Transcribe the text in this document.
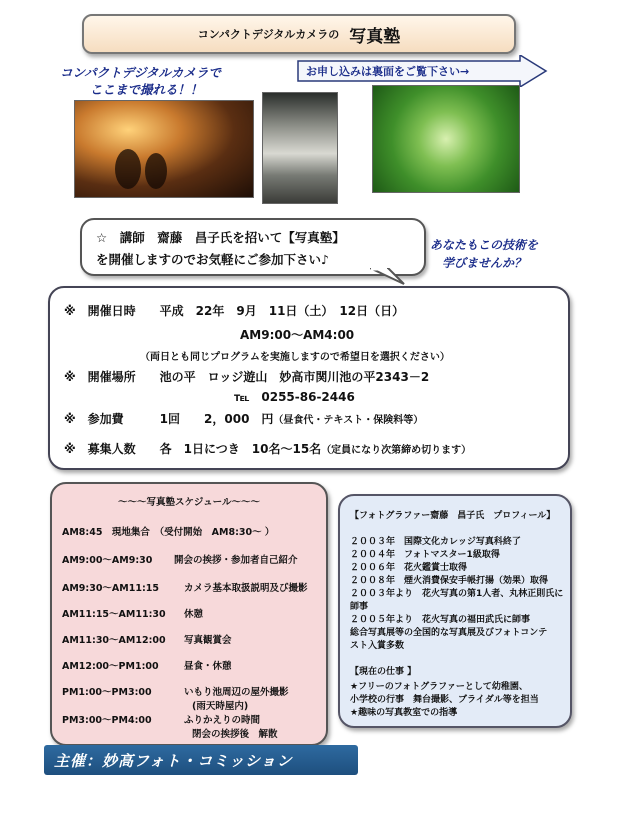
コンパクトデジタルカメラの 写真塾
コンパクトデジタルカメラで
ここまで撮れる！！
お申し込みは裏面をご覧下さい→
☆　講師　齋藤　昌子氏を招いて【写真塾】
を開催しますのでお気軽にご参加下さい♪
あなたもこの技術を
学びませんか？
※　開催日時　　平成　22年　9月　11日（土）　12日（日）
AM9:00～AM4:00
（両日とも同じプログラムを実施しますので希望日を選択ください）
※　開催場所　　池の平　ロッジ遊山　妙高市関川池の平2343－2
℡　0255-86-2446
※　参加費　　　1回　　2，000　円（昼食代・テキスト・保険料等）
※　募集人数　　各　1日につき　10名～15名（定員になり次第締め切ります）
～～～写真塾スケジュール～～～
AM8:45　現地集合　（受付開始　AM8:30～ ）
AM9:00～AM9:30 開会の挨拶・参加者自己紹介
AM9:30～AM11:15	カメラ基本取扱説明及び撮影
AM11:15～AM11:30 休憩
AM11:30～AM12:00 写真観賞会
AM12:00～PM1:00	昼食・休憩
PM1:00～PM3:00	いもり池周辺の屋外撮影
(雨天時屋内)
PM3:00～PM4:00	ふりかえりの時間
閉会の挨拶後　解散
【フォトグラファー齋藤　昌子氏　プロフィール】
２００３年　国際文化カレッジ写真科終了
２００４年　フォトマスター1級取得
２００６年　花火鑑賞士取得
２００８年　煙火消費保安手帳打揚（効果）取得
２００３年より　花火写真の第1人者、丸林正則氏に
師事
２００５年より　花火写真の福田武氏に師事
総合写真展等の全国的な写真展及びフォトコンテ
スト入賞多数
【現在の仕事 】
★フリーのフォトグラファーとして幼稚園、
小学校の行事　舞台撮影、ブライダル等を担当
★趣味の写真教室での指導
主催：妙高フォト・コミッション
